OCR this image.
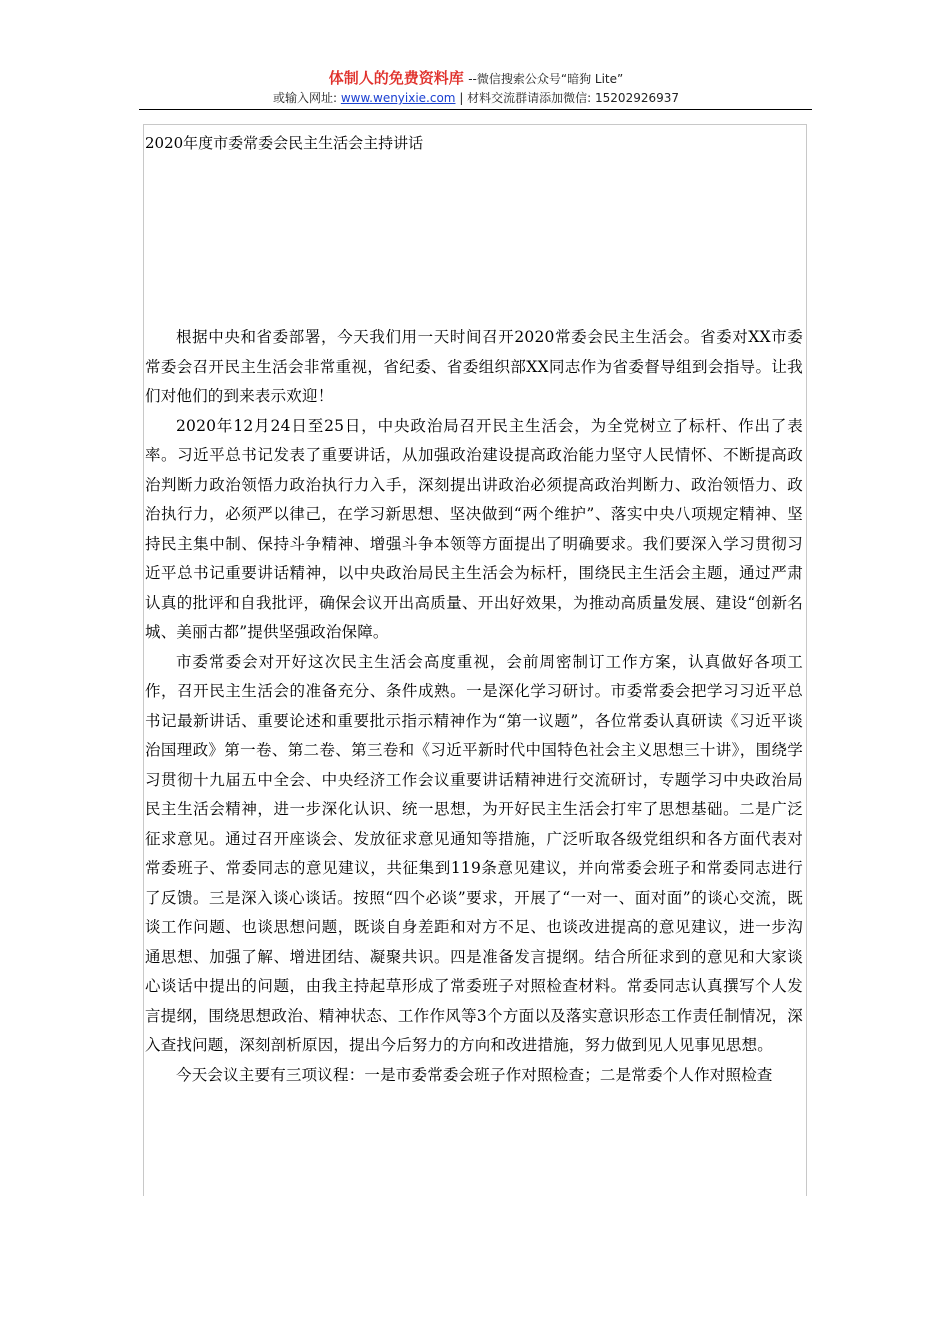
体制人的免费资料库 --微信搜索公众号“暗狗 Lite”
或输入网址: www.wenyixie.com | 材料交流群请添加微信: 15202926937
2020年度市委常委会民主生活会主持讲话

根据中央和省委部署，今天我们用一天时间召开2020常委会民主生活会。省委对XX市委常委会召开民主生活会非常重视，省纪委、省委组织部XX同志作为省委督导组到会指导。让我们对他们的到来表示欢迎！

2020年12月24日至25日，中央政治局召开民主生活会，为全党树立了标杆、作出了表率。习近平总书记发表了重要讲话，从加强政治建设提高政治能力坚守人民情怀、不断提高政治判断力政治领悟力政治执行力入手，深刻提出讲政治必须提高政治判断力、政治领悟力、政治执行力，必须严以律己，在学习新思想、坚决做到“两个维护”、落实中央八项规定精神、坚持民主集中制、保持斗争精神、增强斗争本领等方面提出了明确要求。我们要深入学习贯彻习近平总书记重要讲话精神，以中央政治局民主生活会为标杆，围绕民主生活会主题，通过严肃认真的批评和自我批评，确保会议开出高质量、开出好效果，为推动高质量发展、建设“创新名城、美丽古都”提供坚强政治保障。

市委常委会对开好这次民主生活会高度重视，会前周密制订工作方案，认真做好各项工作，召开民主生活会的准备充分、条件成熟。一是深化学习研讨。市委常委会把学习习近平总书记最新讲话、重要论述和重要批示指示精神作为“第一议题”，各位常委认真研读《习近平谈治国理政》第一卷、第二卷、第三卷和《习近平新时代中国特色社会主义思想三十讲》，围绕学习贯彻十九届五中全会、中央经济工作会议重要讲话精神进行交流研讨，专题学习中央政治局民主生活会精神，进一步深化认识、统一思想，为开好民主生活会打牢了思想基础。二是广泛征求意见。通过召开座谈会、发放征求意见通知等措施，广泛听取各级党组织和各方面代表对常委班子、常委同志的意见建议，共征集到119条意见建议，并向常委会班子和常委同志进行了反馈。三是深入谈心谈话。按照“四个必谈”要求，开展了“一对一、面对面”的谈心交流，既谈工作问题、也谈思想问题，既谈自身差距和对方不足、也谈改进提高的意见建议，进一步沟通思想、加强了解、增进团结、凝聚共识。四是准备发言提纲。结合所征求到的意见和大家谈心谈话中提出的问题，由我主持起草形成了常委班子对照检查材料。常委同志认真撰写个人发言提纲，围绕思想政治、精神状态、工作作风等3个方面以及落实意识形态工作责任制情况，深入查找问题，深刻剖析原因，提出今后努力的方向和改进措施，努力做到见人见事见思想。

今天会议主要有三项议程：一是市委常委会班子作对照检查；二是常委个人作对照检查
